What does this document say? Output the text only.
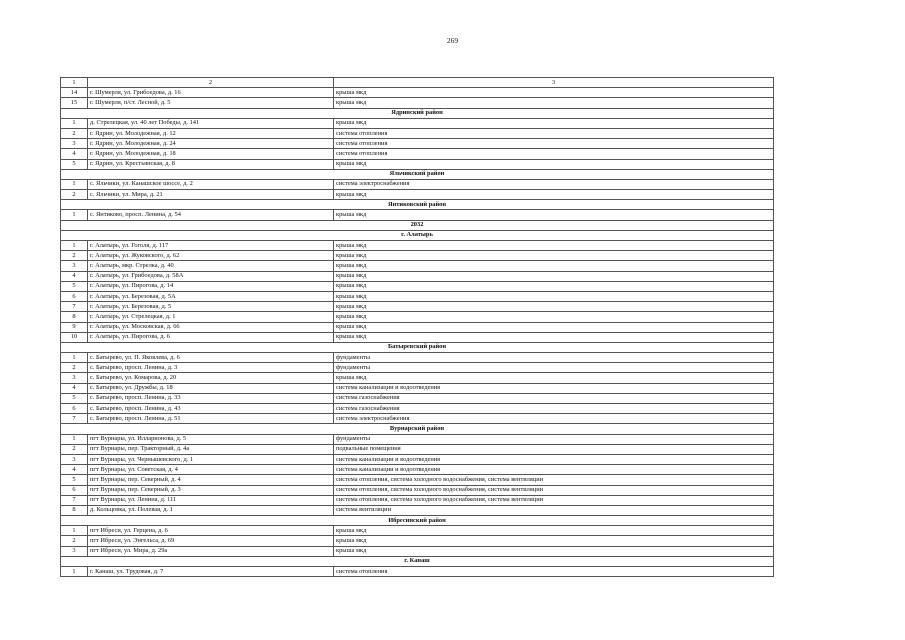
269
1	2	3
14	г. Шумерля, ул. Грибоедова, д. 16	крыша мкд
15	г. Шумерля, п/ст. Лесной, д. 5	крыша мкд
Ядринский район		
1	д. Стрелецкая, ул. 40 лет Победы, д. 141	крыша мкд
2	г. Ядрин, ул. Молодежная, д. 12	система отопления
3	г. Ядрин, ул. Молодежная, д. 24	система отопления
4	г. Ядрин, ул. Молодежная, д. 18	система отопления
5	г. Ядрин, ул. Крестьянская, д. 8	крыша мкд
Яльчикский район		
1	с. Яльчики, ул. Канашское шоссе, д. 2	система электроснабжения
2	с. Яльчики, ул. Мира, д. 21	крыша мкд
Янтиковский район		
1	с. Янтиково, просп. Ленина, д. 54	крыша мкд
2032		
г. Алатырь		
1	г. Алатырь, ул. Гоголя, д. 117	крыша мкд
2	г. Алатырь, ул. Жуковского, д. 62	крыша мкд
3	г. Алатырь, мкр. Стрелка, д. 40	крыша мкд
4	г. Алатырь, ул. Грибоедова, д. 58А	крыша мкд
5	г. Алатырь, ул. Пирогова, д. 14	крыша мкд
6	г. Алатырь, ул. Березовая, д. 5А	крыша мкд
7	г. Алатырь, ул. Березовая, д. 5	крыша мкд
8	г. Алатырь, ул. Стрелецкая, д. 1	крыша мкд
9	г. Алатырь, ул. Московская, д. 66	крыша мкд
10	г. Алатырь, ул. Пирогова, д. 6	крыша мкд
Батыревский район		
1	с. Батырево, ул. П. Яковлева, д. 6	фундаменты
2	с. Батырево, просп. Ленина, д. 3	фундаменты
3	с. Батырево, ул. Комарова, д. 20	крыша мкд
4	с. Батырево, ул. Дружбы, д. 18	система канализации и водоотведения
5	с. Батырево, просп. Ленина, д. 33	система газоснабжения
6	с. Батырево, просп. Ленина, д. 43	система газоснабжения
7	с. Батырево, просп. Ленина, д. 51	система электроснабжения
Вурнарский район		
1	пгт Вурнары, ул. Илларионова, д. 5	фундаменты
2	пгт Вурнары, пер. Тракторный, д. 4а	подвальные помещения
3	пгт Вурнары, ул. Чернышевского, д. 1	система канализации и водоотведения
4	пгт Вурнары, ул. Советская, д. 4	система канализации и водоотведения
5	пгт Вурнары, пер. Северный, д. 4	система отопления, система холодного водоснабжения, система вентиляции
6	пгт Вурнары, пер. Северный, д. 3	система отопления, система холодного водоснабжения, система вентиляции
7	пгт Вурнары, ул. Ленина, д. 111	система отопления, система холодного водоснабжения, система вентиляции
8	д. Кольцовка, ул. Полевая, д. 1	система вентиляции
Ибресинский район		
1	пгт Ибреси, ул. Герцена, д. 6	крыша мкд
2	пгт Ибреси, ул. Энгельса, д. 69	крыша мкд
3	пгт Ибреси, ул. Мира, д. 29а	крыша мкд
г. Канаш		
1	г. Канаш, ул. Трудовая, д. 7	система отопления
